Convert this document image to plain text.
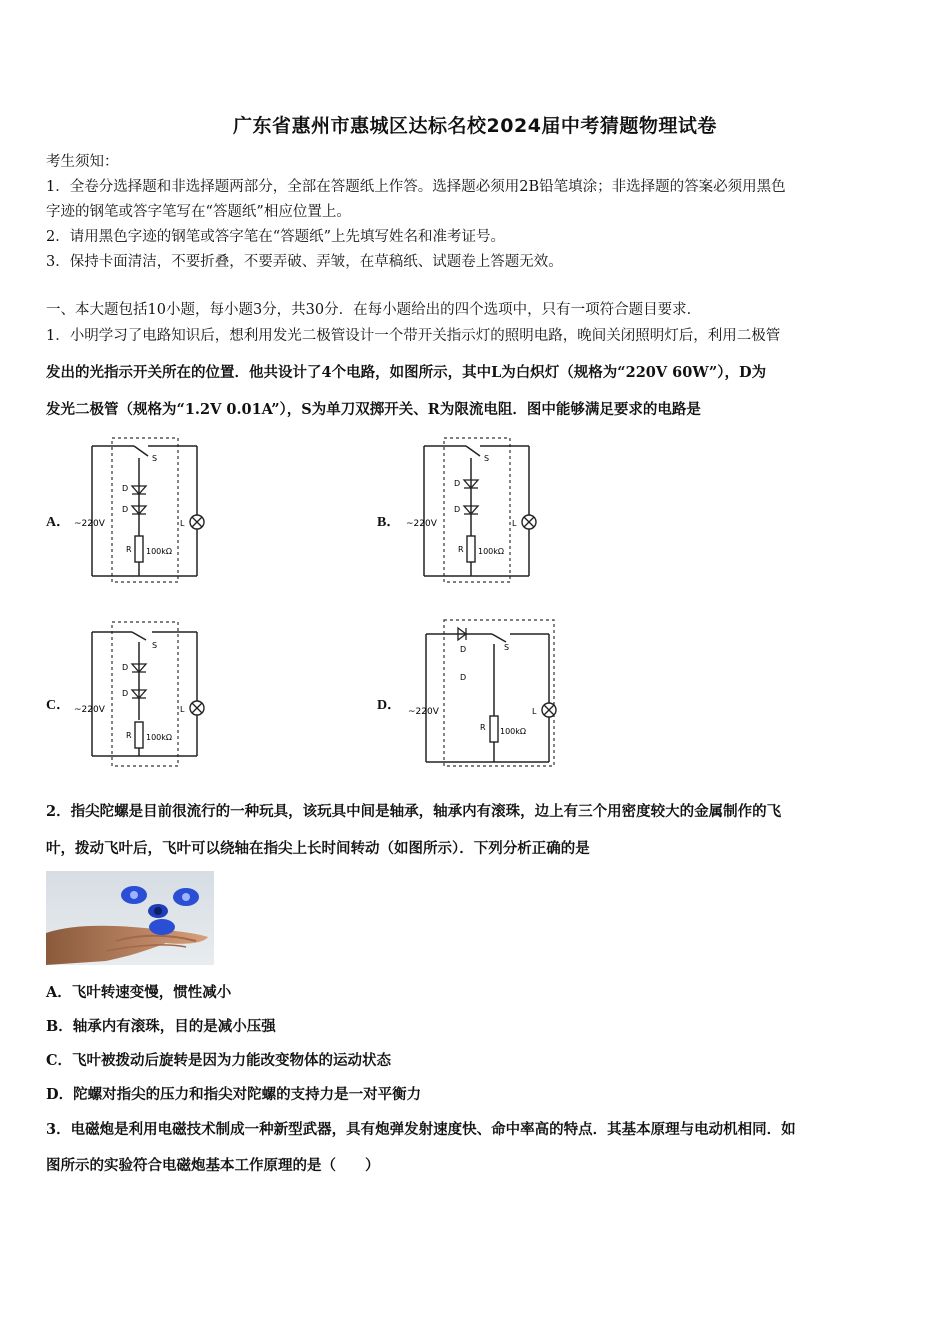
广东省惠州市惠城区达标名校2024届中考猜题物理试卷
考生须知：
1．全卷分选择题和非选择题两部分，全部在答题纸上作答。选择题必须用2B铅笔填涂；非选择题的答案必须用黑色
字迹的钢笔或答字笔写在“答题纸”相应位置上。
2．请用黑色字迹的钢笔或答字笔在“答题纸”上先填写姓名和准考证号。
3．保持卡面清洁，不要折叠，不要弄破、弄皱，在草稿纸、试题卷上答题无效。
一、本大题包括10小题，每小题3分，共30分．在每小题给出的四个选项中，只有一项符合题目要求．
1．小明学习了电路知识后，想利用发光二极管设计一个带开关指示灯的照明电路，晚间关闭照明灯后，利用二极管
发出的光指示开关所在的位置．他共设计了4个电路，如图所示，其中L为白炽灯（规格为“220V 60W”），D为
发光二极管（规格为“1.2V 0.01A”），S为单刀双掷开关、R为限流电阻．图中能够满足要求的电路是
A．	B．
C．	D．
~220V
S
D
D
R 100kΩ
L	~220V
S
D
D
R 100kΩ
L
~220V
S
D
D
R 100kΩ
L	~220V
S
D
D
R 100kΩ
L
2．指尖陀螺是目前很流行的一种玩具，该玩具中间是轴承，轴承内有滚珠，边上有三个用密度较大的金属制作的飞
叶，拨动飞叶后，飞叶可以绕轴在指尖上长时间转动（如图所示）．下列分析正确的是
A．飞叶转速变慢，惯性减小
B．轴承内有滚珠，目的是减小压强
C．飞叶被拨动后旋转是因为力能改变物体的运动状态
D．陀螺对指尖的压力和指尖对陀螺的支持力是一对平衡力
3．电磁炮是利用电磁技术制成一种新型武器，具有炮弹发射速度快、命中率高的特点．其基本原理与电动机相同．如
图所示的实验符合电磁炮基本工作原理的是（　　）
